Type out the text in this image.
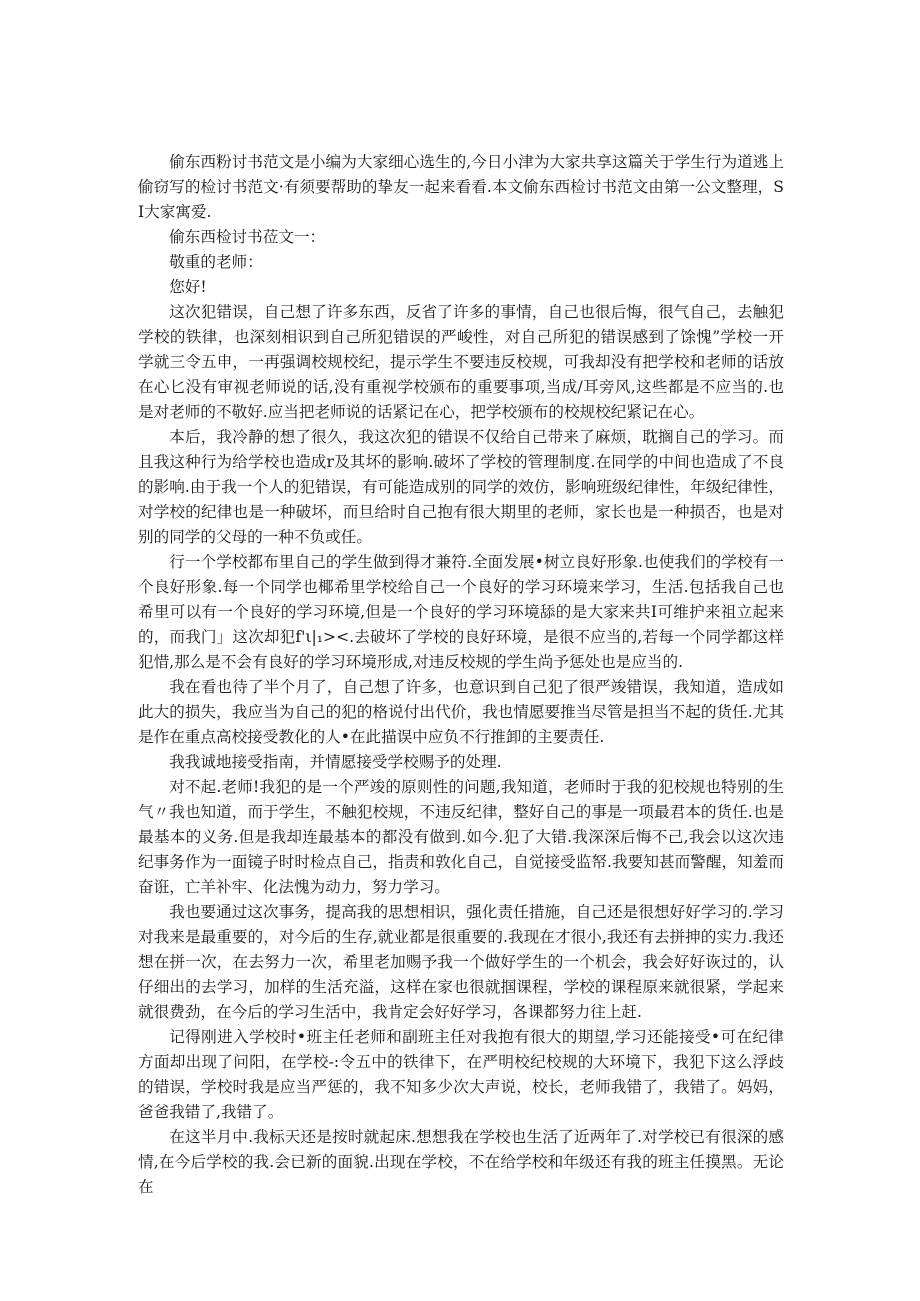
偷东西粉讨书范文是小编为大家细心选生的,今日小津为大家共享这篇关于学生行为道逃上偷窃写的检讨书范文·有须要帮助的挚友一起来看看.本文偷东西检讨书范文由第一公文整理，SI大家寓爱.

偷东西检讨书莅文一：

敬重的老师：

您好!

这次犯错误，自己想了许多东西，反省了许多的事情，自己也很后悔，很气自己，去触犯学校的铁律，也深刻相识到自己所犯错误的严峻性，对自己所犯的错误感到了馀愧”学校一开学就三令五申，一再强调校规校纪，提示学生不要违反校规，可我却没有把学校和老师的话放在心匕没有审视老师说的话,没有重视学校颁布的重要事项,当成/耳旁风,这些都是不应当的.也是对老师的不敬好.应当把老师说的话紧记在心，把学校颁布的校规校纪紧记在心。

本后，我冷静的想了很久，我这次犯的错误不仅给自己带来了麻烦，耽搁自己的学习。而且我这种行为给学校也造成r及其坏的影响.破坏了学校的管理制度.在同学的中间也造成了不良的影响.由于我一个人的犯错误，有可能造成别的同学的效仿，影响班级纪律性，年级纪律性，对学校的纪律也是一种破坏，而旦给时自己抱有很大期里的老师，家长也是一种损否，也是对别的同学的父母的一种不负或任。

行一个学校都布里自己的学生做到得才兼符.全面发展•树立良好形象.也使我们的学校有一个良好形象.每一个同学也椰希里学校给自己一个良好的学习环境来学习，生活.包括我自己也希里可以有一个良好的学习环境,但是一个良好的学习环境舔的是大家来共I可维护来祖立起来的，而我门」这次却犯f'ι|₁><.去破坏了学校的良好环境，是很不应当的,若每一个同学都这样犯惜,那么是不会有良好的学习环境形成,对违反校规的学生尚予惩处也是应当的.

我在看也待了半个月了，自己想了许多，也意识到自己犯了很严竣错误，我知道，造成如此大的损失，我应当为自己的犯的格说付出代价，我也情愿要推当尽管是担当不起的货任.尤其是作在重点高校接受教化的人•在此描误中应负不行推卸的主要责任.

我我诚地接受指南，并情愿接受学校赐予的处理.

对不起.老师!我犯的是一个严竣的原则性的问题,我知道，老师时于我的犯校规也特别的生气〃我也知道，而于学生，不触犯校规，不违反纪律，整好自己的事是一项最君本的货任.也是最基本的义务.但是我却连最基本的都没有做到.如今.犯了大错.我深深后悔不己,我会以这次违纪事务作为一面镜子时时检点自己，指责和敦化自己，自觉接受监帑.我要知甚而警醒，知羞而奋诳，亡羊补牢、化法愧为动力，努力学习。

我也要通过这次事务，提高我的思想相识，强化责任措施，自己还是很想好好学习的.学习对我来是最重要的，对今后的生存,就业都是很重要的.我现在才很小,我还有去拼抻的实力.我还想在拼一次，在去努力一次，希里老加赐予我一个做好学生的一个机会，我会好好诙过的，认仔细出的去学习，加样的生活充溢，这样在家也很就掴课程，学校的课程原来就很紧，学起来就很费劲，在今后的学习生活中，我肯定会好好学习，各课都努力往上赶.

记得刚进入学校时•班主任老师和副班主任对我抱有很大的期望,学习还能接受•可在纪律方面却出现了问阳，在学校-:令五中的铁律下，在严明校纪校规的大环境下，我犯下这么浮歧的错误，学校时我是应当严惩的，我不知多少次大声说，校长，老师我错了，我错了。妈妈，爸爸我错了,我错了。

在这半月中.我标天还是按时就起床.想想我在学校也生活了近两年了.对学校已有很深的感情,在今后学校的我.会已新的面貌.出现在学校，不在给学校和年级还有我的班主任摸黑。无论在
